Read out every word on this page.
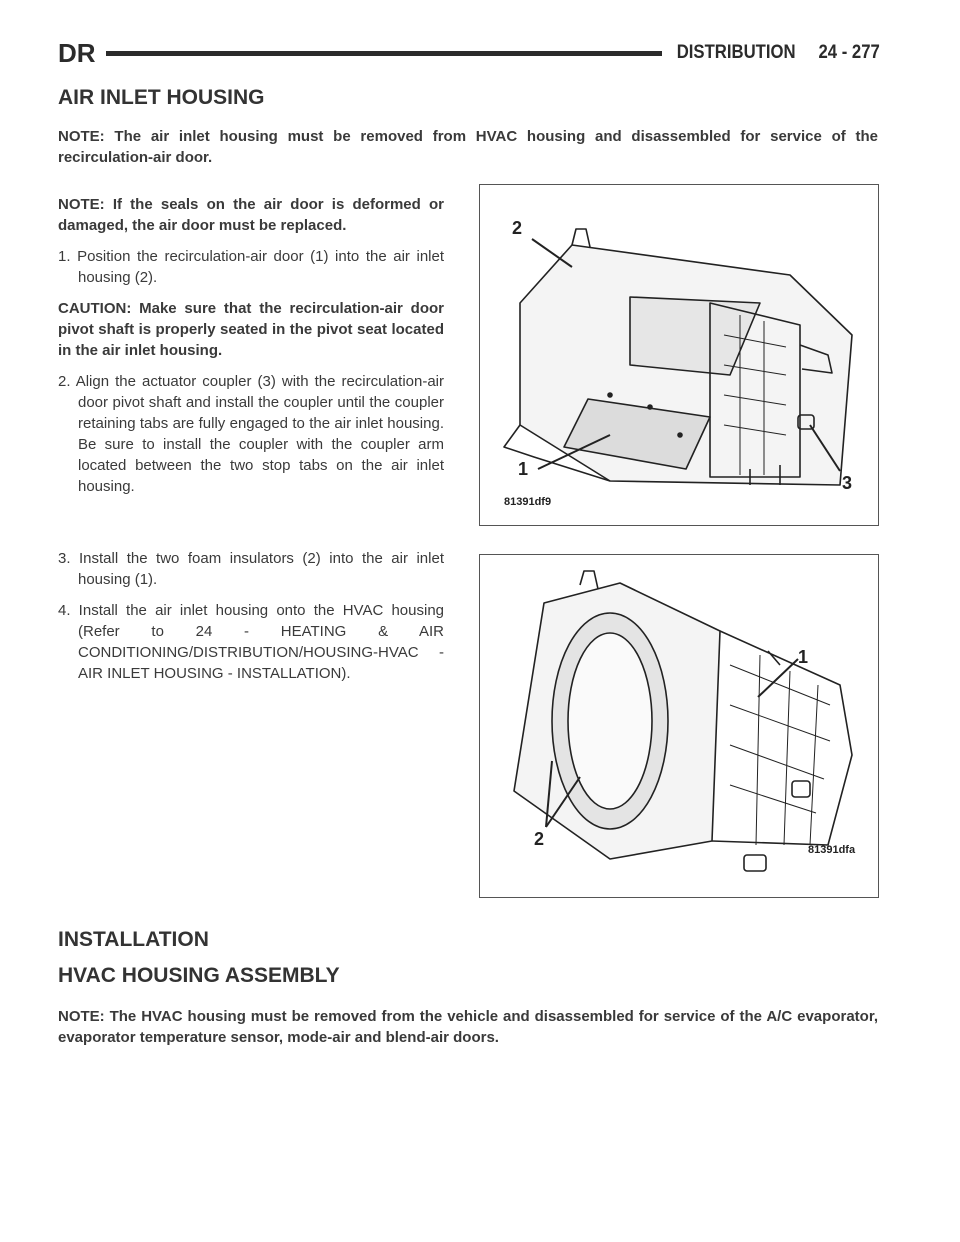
DR	DISTRIBUTION 24 - 277
AIR INLET HOUSING
NOTE: The air inlet housing must be removed from HVAC housing and disassembled for service of the recirculation-air door.

NOTE: If the seals on the air door is deformed or damaged, the air door must be replaced.

1. Position the recirculation-air door (1) into the air inlet housing (2).

CAUTION: Make sure that the recirculation-air door pivot shaft is properly seated in the pivot seat located in the air inlet housing.

2. Align the actuator coupler (3) with the recirculation-air door pivot shaft and install the coupler until the coupler retaining tabs are fully engaged to the air inlet housing. Be sure to install the coupler with the coupler arm located between the two stop tabs on the air inlet housing.

3. Install the two foam insulators (2) into the air inlet housing (1).

4. Install the air inlet housing onto the HVAC housing (Refer to 24 - HEATING & AIR CONDITIONING/DISTRIBUTION/HOUSING-HVAC - AIR INLET HOUSING - INSTALLATION).

2
1
3
81391df9
1
2
81391dfa
INSTALLATION
HVAC HOUSING ASSEMBLY
NOTE: The HVAC housing must be removed from the vehicle and disassembled for service of the A/C evaporator, evaporator temperature sensor, mode-air and blend-air doors.
